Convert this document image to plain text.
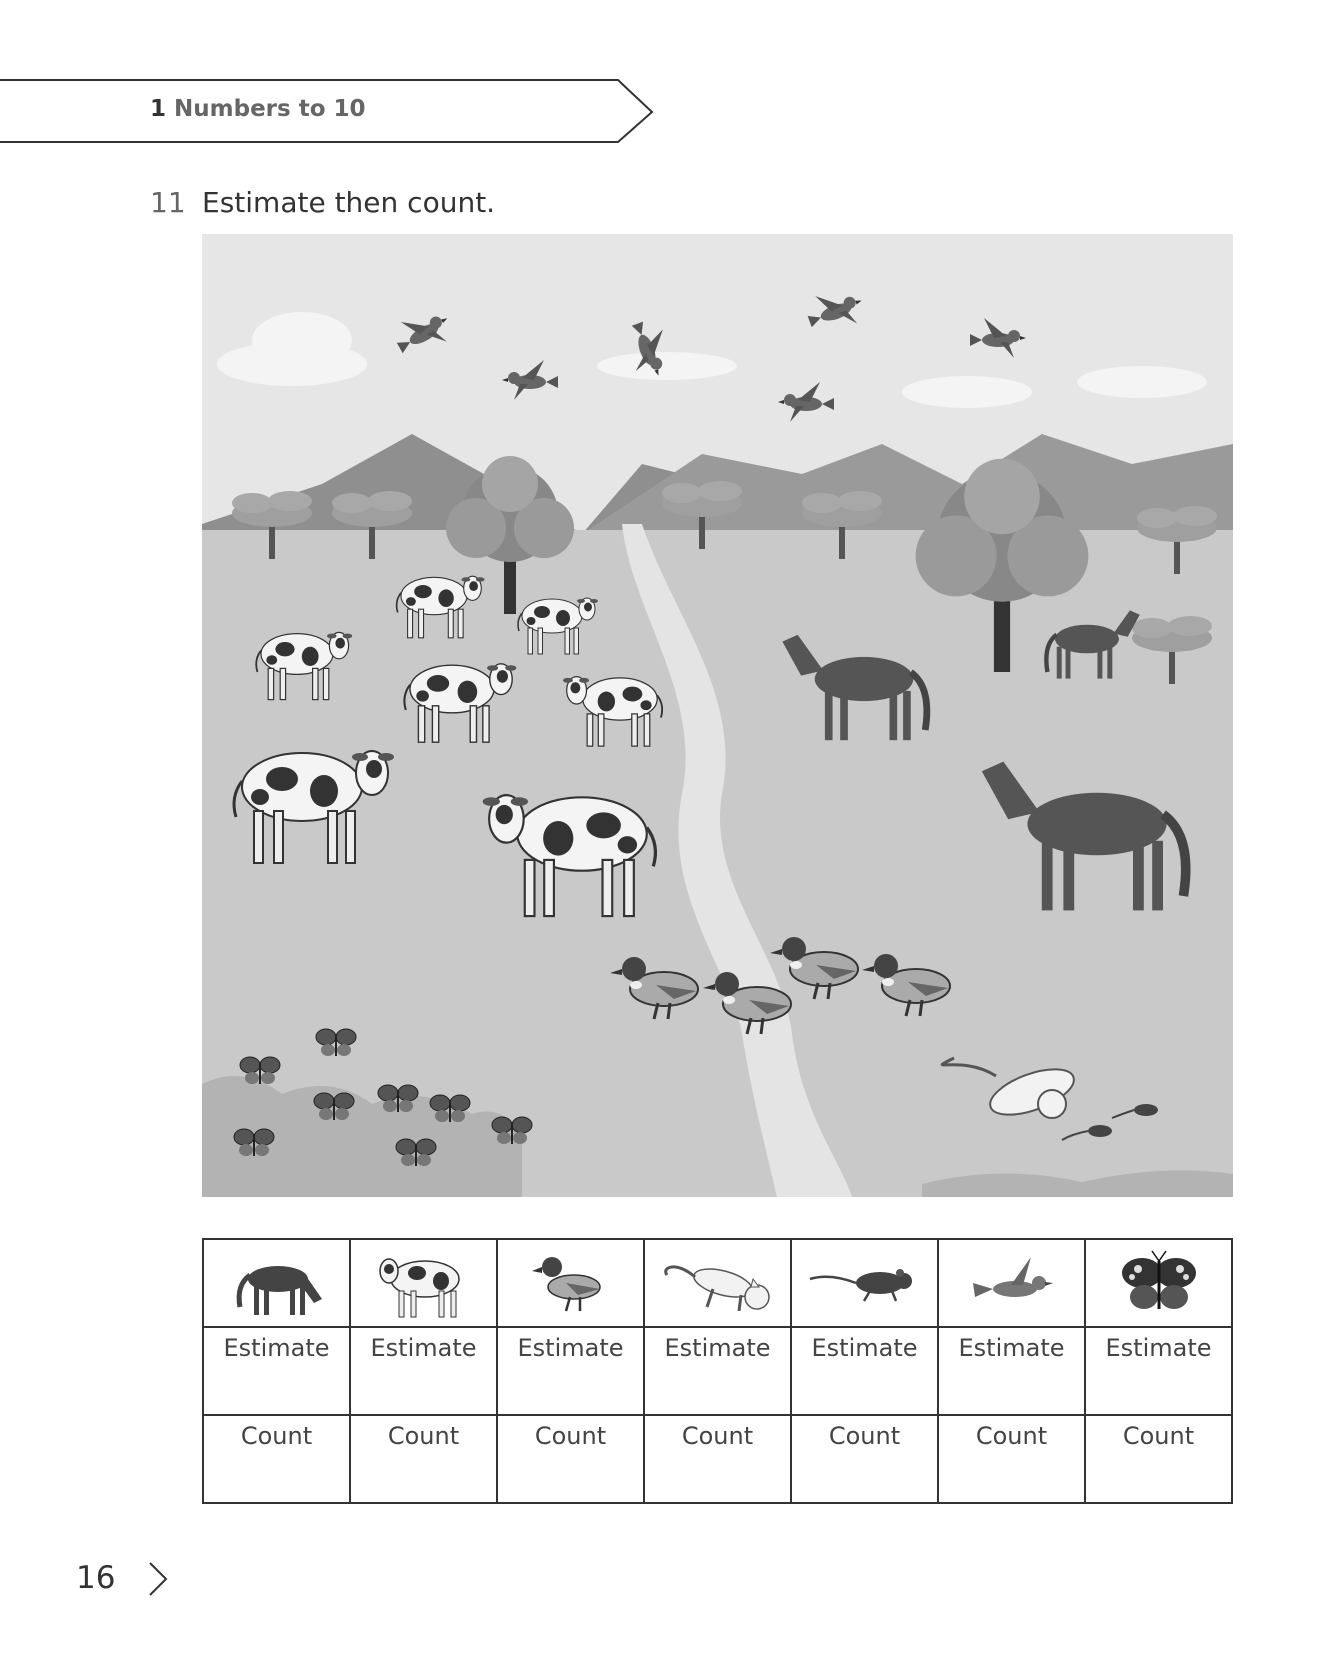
1 Numbers to 10
11 Estimate then count.

Estimate	Estimate	Estimate	Estimate	Estimate	Estimate	Estimate

Count	Count	Count	Count	Count	Count	Count
16
